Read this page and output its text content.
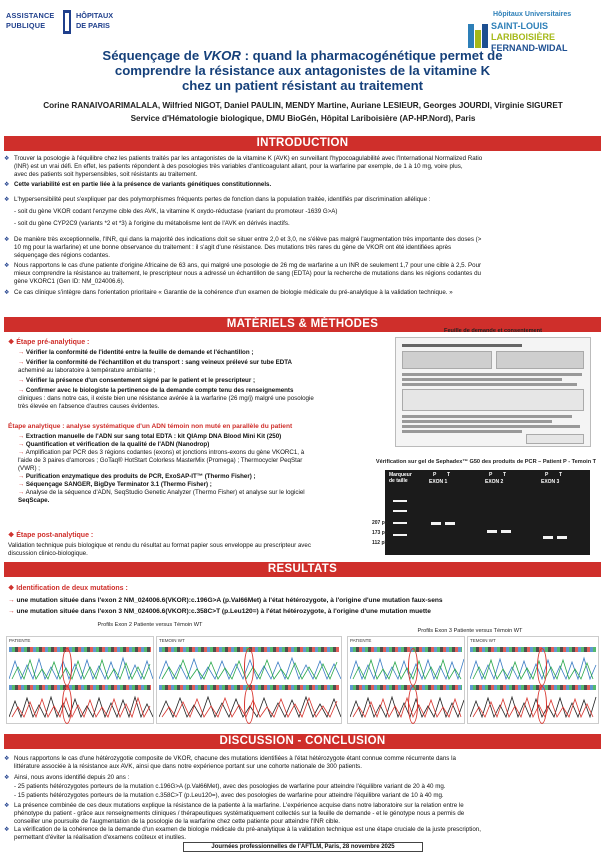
ASSISTANCE
PUBLIQUE
HÔPITAUX
DE PARIS
Hôpitaux Universitaires
SAINT-LOUIS
LARIBOISIÈRE
FERNAND-WIDAL
Séquençage de VKOR : quand la pharmacogénétique permet de
comprendre la résistance aux antagonistes de la vitamine K
chez un patient résistant au traitement
Corine RANAIVOARIMALALA, Wilfried NIGOT, Daniel PAULIN, MENDY Martine, Auriane LESIEUR, Georges JOURDI, Virginie SIGURET
Service d'Hématologie biologique, DMU BioGén, Hôpital Lariboisière (AP-HP.Nord), Paris
INTRODUCTION
Trouver la posologie à l'équilibre chez les patients traités par les antagonistes de la vitamine K (AVK) en surveillant l'hypocoagulabilité avec l'International Normalized Ratio
(INR) est un vrai défi. En effet, les patients répondent à des posologies très variables d'anticoagulant allant, pour la warfarine par exemple, de 1 à 10 mg, voire plus,
avec des patients soit hypersensibles, soit résistants au traitement.
Cette variabilité est en partie liée à la présence de variants génétiques constitutionnels.
L'hypersensibilité peut s'expliquer par des polymorphismes fréquents pertes de fonction dans la population traitée, identifiés par discrimination allélique :
- soit du gène VKOR codant l'enzyme cible des AVK, la vitamine K oxydo-réductase (variant du promoteur -1639 G>A)
- soit du gène CYP2C9 (variants *2 et *3) à l'origine du métabolisme lent de l'AVK en dérivés inactifs.
De manière très exceptionnelle, l'INR, qui dans la majorité des indications doit se situer entre 2,0 et 3,0, ne s'élève pas malgré l'augmentation très importante des doses (>
10 mg pour la warfarine) et une bonne observance du traitement : il s'agit d'une résistance. Des mutations très rares du gène de VKOR ont été identifiées après
séquençage des régions codantes.
Nous rapportons le cas d'une patiente d'origine Africaine de 63 ans, qui malgré une posologie de 26 mg de warfarine a un INR de seulement 1,7 pour une cible à 2,5. Pour
mieux comprendre la résistance au traitement, le prescripteur nous a adressé un échantillon de sang (EDTA) pour la recherche de mutations dans les régions codantes du
gène VKORC1 (Gen ID: NM_024006.6).
Ce cas clinique s'intègre dans l'orientation prioritaire « Garantie de la cohérence d'un examen de biologie médicale du pré-analytique à la validation technique. »
❖
❖
❖
❖
❖
❖
MATÉRIELS & MÉTHODES
❖ Étape pré-analytique :
→ Vérifier la conformité de l'identité entre la feuille de demande et l'échantillon ;
→ Vérifier la conformité de l'échantillon et du transport : sang veineux prélevé sur tube EDTA
acheminé au laboratoire à température ambiante ;
→ Vérifier la présence d'un consentement signé par le patient et le prescripteur ;
→ Confirmer avec le biologiste la pertinence de la demande compte tenu des renseignements
cliniques : dans notre cas, il existe bien une résistance avérée à la warfarine (26 mg/j) malgré une posologie
très élevée en l'absence d'autres causes évidentes.
Étape analytique : analyse systématique d'un ADN témoin non muté en parallèle du patient
→ Extraction manuelle de l'ADN sur sang total EDTA : kit QIAmp DNA Blood Mini Kit (250)
→ Quantification et vérification de la qualité de l'ADN (Nanodrop)
→ Amplification par PCR des 3 régions codantes (exons) et jonctions introns-exons du gène VKORC1, à
l'aide de 3 paires d'amorces ; GoTaq® HotStart Colorless MasterMix (Promega) ; Thermocycler PeqStar
(VWR) ;
→ Purification enzymatique des produits de PCR, ExoSAP-IT™ (Thermo Fisher) ;
→ Séquençage SANGER, BigDye Terminator 3.1 (Thermo Fisher) ;
→ Analyse de la séquence d'ADN, SeqStudio Genetic Analyzer (Thermo Fisher) et analyse sur le logiciel
SeqScape.
❖ Étape post-analytique :
Validation technique puis biologique et rendu du résultat au format papier sous enveloppe au prescripteur avec
discussion clinico-biologique.
Feuille de demande et consentement
Vérification sur gel de Sephadex™ G50 des produits de PCR – Patient P - Temoin T
Marqueur
de taille
P T	P T	P T
EXON 1	EXON 2	EXON 3
207 pb
173 pb
112 pb
RESULTATS
❖ Identification de deux mutations :
→ une mutation située dans l'exon 2 NM_024006.6(VKOR):c.196G>A (p.Val66Met) à l'état hétérozygote, à l'origine d'une mutation faux-sens
→ une mutation située dans l'exon 3 NM_024006.6(VKOR):c.358C>T (p.Leu120=) à l'état hétérozygote, à l'origine d'une mutation muette
Profils Exon 2 Patiente versus Témoin WT
Profils Exon 3 Patiente versus Témoin WT
PATIENTE	TEMOIN WT	PATIENTE	TEMOIN WT
DISCUSSION - CONCLUSION
Nous rapportons le cas d'une hétérozygotie composite de VKOR, chacune des mutations identifiées à l'état hétérozygote étant connue comme récurrente dans la
littérature associée à la résistance aux AVK, ainsi que dans notre expérience portant sur une cohorte nationale de 300 patients.
Ainsi, nous avons identifié depuis 20 ans :
- 25 patients hétérozygotes porteurs de la mutation c.196G>A (p.Val66Met), avec des posologies de warfarine pour atteindre l'équilibre variant de 20 à 40 mg.
- 15 patients hétérozygotes porteurs de la mutation c.358C>T (p.Leu120=), avec des posologies de warfarine pour atteindre l'équilibre variant de 10 à 40 mg.
La présence combinée de ces deux mutations explique la résistance de la patiente à la warfarine. L'expérience acquise dans notre laboratoire sur la relation entre le
phénotype du patient - grâce aux renseignements cliniques / thérapeutiques systématiquement collectés sur la feuille de demande - et le génotype nous a permis de
conseiller une poursuite de l'augmentation de la posologie de la warfarine chez cette patiente pour atteindre l'INR cible.
La vérification de la cohérence de la demande d'un examen de biologie médicale du pré-analytique à la validation technique est une étape cruciale de la juste prescription,
permettant d'éviter la réalisation d'examens coûteux et inutiles.
❖
❖
❖
❖
Journées professionnelles de l'AFTLM, Paris, 28 novembre 2025
